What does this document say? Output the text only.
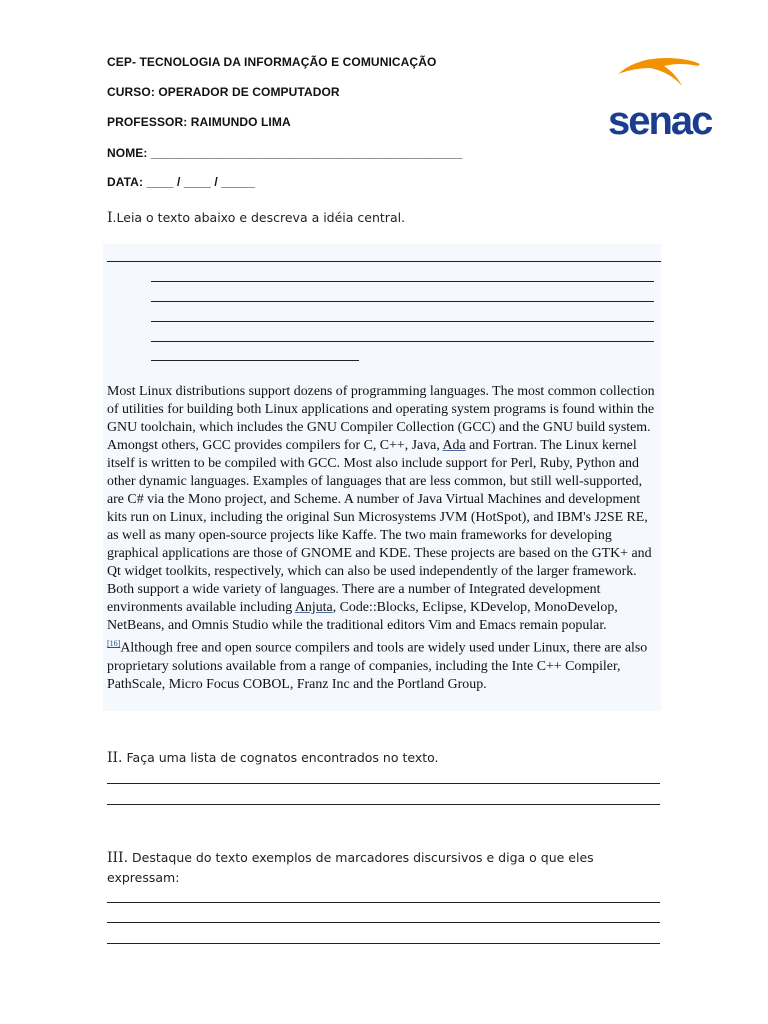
CEP- TECNOLOGIA DA INFORMAÇÃO E COMUNICAÇÃO
CURSO: OPERADOR DE COMPUTADOR
PROFESSOR: RAIMUNDO LIMA
NOME: ______________________________________________
DATA: ____ / ____ / _____
senac
I.Leia o texto abaixo e descreva a idéia central.

Most Linux distributions support dozens of programming languages. The most common collection of utilities for building both Linux applications and operating system programs is found within the GNU toolchain, which includes the GNU Compiler Collection (GCC) and the GNU build system. Amongst others, GCC provides compilers for C, C++, Java, Ada and Fortran. The Linux kernel itself is written to be compiled with GCC. Most also include support for Perl, Ruby, Python and other dynamic languages. Examples of languages that are less common, but still well-supported, are C# via the Mono project, and Scheme. A number of Java Virtual Machines and development kits run on Linux, including the original Sun Microsystems JVM (HotSpot), and IBM's J2SE RE, as well as many open-source projects like Kaffe. The two main frameworks for developing graphical applications are those of GNOME and KDE. These projects are based on the GTK+ and Qt widget toolkits, respectively, which can also be used independently of the larger framework. Both support a wide variety of languages. There are a number of Integrated development environments available including Anjuta, Code::Blocks, Eclipse, KDevelop, MonoDevelop, NetBeans, and Omnis Studio while the traditional editors Vim and Emacs remain popular.[16]Although free and open source compilers and tools are widely used under Linux, there are also proprietary solutions available from a range of companies, including the Inte C++ Compiler, PathScale, Micro Focus COBOL, Franz Inc and the Portland Group.

II. Faça uma lista de cognatos encontrados no texto.
III. Destaque do texto exemplos de marcadores discursivos e diga o que eles expressam:
